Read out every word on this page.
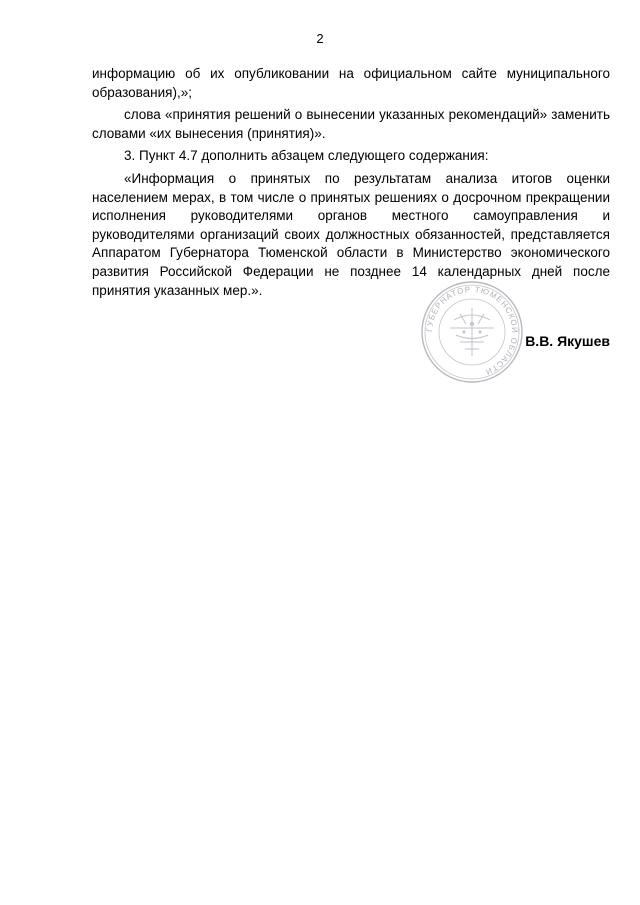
2

информацию об их опубликовании на официальном сайте муниципального образования),»;

слова «принятия решений о вынесении указанных рекомендаций» заменить словами «их вынесения (принятия)».

3. Пункт 4.7 дополнить абзацем следующего содержания:

«Информация о принятых по результатам анализа итогов оценки населением мерах, в том числе о принятых решениях о досрочном прекращении исполнения руководителями органов местного самоуправления и руководителями организаций своих должностных обязанностей, представляется Аппаратом Губернатора Тюменской области в Министерство экономического развития Российской Федерации не позднее 14 календарных дней после принятия указанных мер.».

ГУБЕРНАТОР ТЮМЕНСКОЙ ОБЛАСТИ
В.В. Якушев
